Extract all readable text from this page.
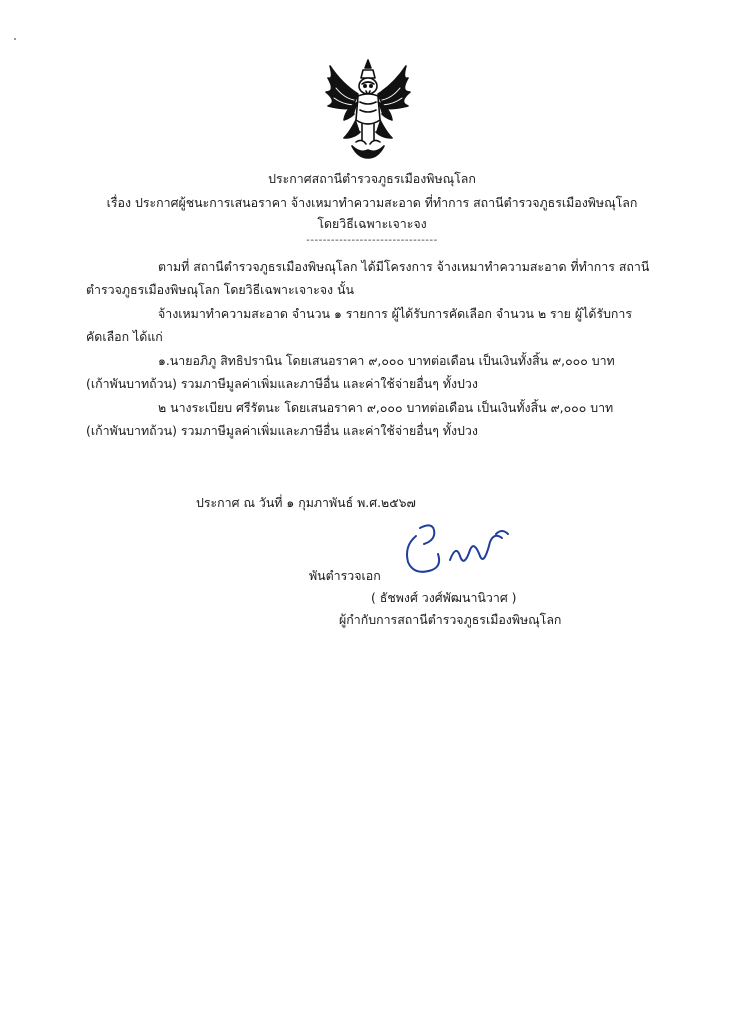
ประกาศสถานีตำรวจภูธรเมืองพิษณุโลก
เรื่อง ประกาศผู้ชนะการเสนอราคา จ้างเหมาทำความสะอาด ที่ทำการ สถานีตำรวจภูธรเมืองพิษณุโลก
โดยวิธีเฉพาะเจาะจง
--------------------------------
ตามที่ สถานีตำรวจภูธรเมืองพิษณุโลก ได้มีโครงการ จ้างเหมาทำความสะอาด ที่ทำการ สถานี
ตำรวจภูธรเมืองพิษณุโลก โดยวิธีเฉพาะเจาะจง นั้น
จ้างเหมาทำความสะอาด จำนวน ๑ รายการ ผู้ได้รับการคัดเลือก จำนวน ๒ ราย ผู้ได้รับการ
คัดเลือก ได้แก่
๑.นายอภิภู สิทธิปรานิน โดยเสนอราคา ๙,๐๐๐ บาทต่อเดือน เป็นเงินทั้งสิ้น ๙,๐๐๐ บาท
(เก้าพันบาทถ้วน) รวมภาษีมูลค่าเพิ่มและภาษีอื่น และค่าใช้จ่ายอื่นๆ ทั้งปวง
๒ นางระเบียบ ศรีรัตนะ โดยเสนอราคา ๙,๐๐๐ บาทต่อเดือน เป็นเงินทั้งสิ้น ๙,๐๐๐ บาท
(เก้าพันบาทถ้วน) รวมภาษีมูลค่าเพิ่มและภาษีอื่น และค่าใช้จ่ายอื่นๆ ทั้งปวง
ประกาศ ณ วันที่ ๑ กุมภาพันธ์ พ.ศ.๒๕๖๗
พันตำรวจเอก
( ธัชพงศ์ วงศ์พัฒนานิวาศ )
ผู้กำกับการสถานีตำรวจภูธรเมืองพิษณุโลก
